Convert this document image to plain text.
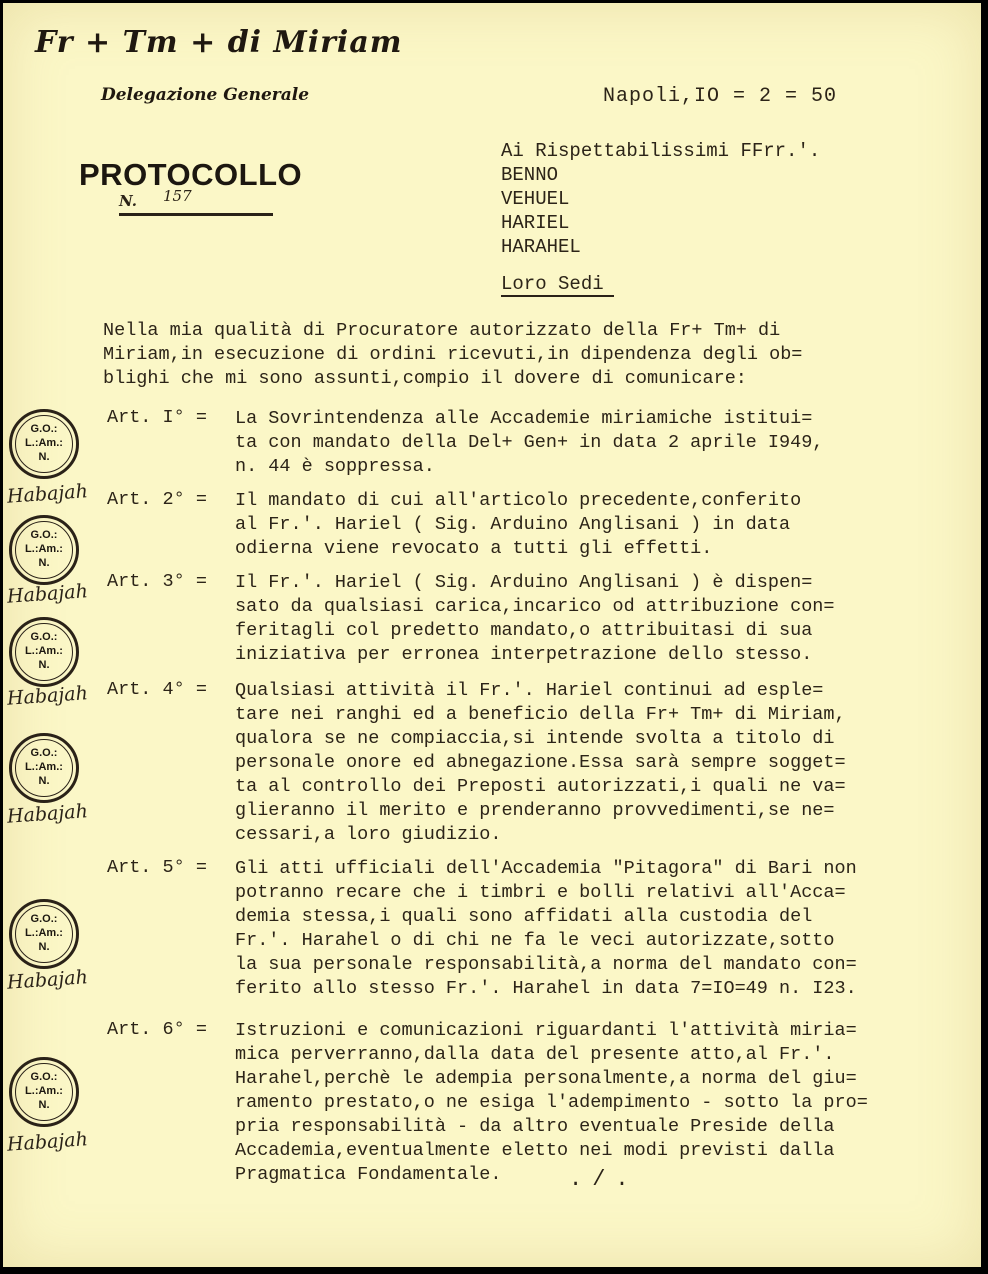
Fr + Tm + di Miriam
Delegazione Generale	Napoli,IO = 2 = 50
PROTOCOLLO
N. 157
Ai Rispettabilissimi FFrr.'.
BENNO
VEHUEL
HARIEL
HARAHEL
Loro Sedi
Nella mia qualità di Procuratore autorizzato della Fr+ Tm+ di
Miriam,in esecuzione di ordini ricevuti,in dipendenza degli ob=
blighi che mi sono assunti,compio il dovere di comunicare:
Art. I° = La Sovrintendenza alle Accademie miriamiche istitui=
ta con mandato della Del+ Gen+ in data 2 aprile I949,
n. 44 è soppressa.
Art. 2° = Il mandato di cui all'articolo precedente,conferito
al Fr.'. Hariel ( Sig. Arduino Anglisani ) in data
odierna viene revocato a tutti gli effetti.
Art. 3° = Il Fr.'. Hariel ( Sig. Arduino Anglisani ) è dispen=
sato da qualsiasi carica,incarico od attribuzione con=
feritagli col predetto mandato,o attribuitasi di sua
iniziativa per erronea interpetrazione dello stesso.
Art. 4° = Qualsiasi attività il Fr.'. Hariel continui ad esple=
tare nei ranghi ed a beneficio della Fr+ Tm+ di Miriam,
qualora se ne compiaccia,si intende svolta a titolo di
personale onore ed abnegazione.Essa sarà sempre sogget=
ta al controllo dei Preposti autorizzati,i quali ne va=
glieranno il merito e prenderanno provvedimenti,se ne=
cessari,a loro giudizio.
Art. 5° = Gli atti ufficiali dell'Accademia "Pitagora" di Bari non
potranno recare che i timbri e bolli relativi all'Acca=
demia stessa,i quali sono affidati alla custodia del
Fr.'. Harahel o di chi ne fa le veci autorizzate,sotto
la sua personale responsabilità,a norma del mandato con=
ferito allo stesso Fr.'. Harahel in data 7=IO=49 n. I23.
Art. 6° = Istruzioni e comunicazioni riguardanti l'attività miria=
mica perverranno,dalla data del presente atto,al Fr.'.
Harahel,perchè le adempia personalmente,a norma del giu=
ramento prestato,o ne esiga l'adempimento - sotto la pro=
pria responsabilità - da altro eventuale Preside della
Accademia,eventualmente eletto nei modi previsti dalla
Pragmatica Fondamentale.
G.O.:
L.:Am.:
N.
Habajah
G.O.:
L.:Am.:
N.
Habajah
G.O.:
L.:Am.:
N.
Habajah
G.O.:
L.:Am.:
N.
Habajah
G.O.:
L.:Am.:
N.
Habajah
G.O.:
L.:Am.:
N.
Habajah
./.
